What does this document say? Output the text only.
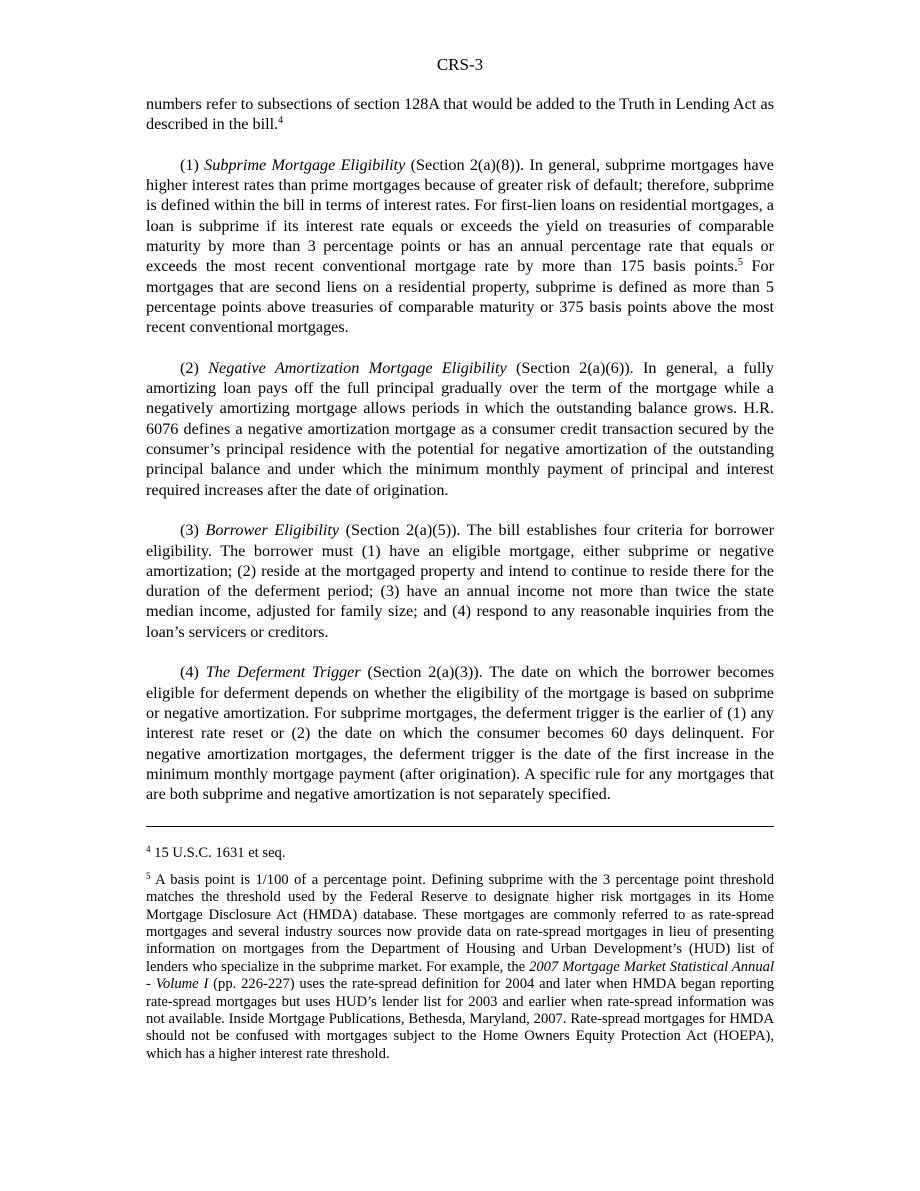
CRS-3

numbers refer to subsections of section 128A that would be added to the Truth in Lending Act as described in the bill.$^4$

(1) Subprime Mortgage Eligibility (Section 2(a)(8)). In general, subprime mortgages have higher interest rates than prime mortgages because of greater risk of default; therefore, subprime is defined within the bill in terms of interest rates. For first-lien loans on residential mortgages, a loan is subprime if its interest rate equals or exceeds the yield on treasuries of comparable maturity by more than 3 percentage points or has an annual percentage rate that equals or exceeds the most recent conventional mortgage rate by more than 175 basis points.$^5$ For mortgages that are second liens on a residential property, subprime is defined as more than 5 percentage points above treasuries of comparable maturity or 375 basis points above the most recent conventional mortgages.

(2) Negative Amortization Mortgage Eligibility (Section 2(a)(6)). In general, a fully amortizing loan pays off the full principal gradually over the term of the mortgage while a negatively amortizing mortgage allows periods in which the outstanding balance grows. H.R. 6076 defines a negative amortization mortgage as a consumer credit transaction secured by the consumer’s principal residence with the potential for negative amortization of the outstanding principal balance and under which the minimum monthly payment of principal and interest required increases after the date of origination.

(3) Borrower Eligibility (Section 2(a)(5)). The bill establishes four criteria for borrower eligibility. The borrower must (1) have an eligible mortgage, either subprime or negative amortization; (2) reside at the mortgaged property and intend to continue to reside there for the duration of the deferment period; (3) have an annual income not more than twice the state median income, adjusted for family size; and (4) respond to any reasonable inquiries from the loan’s servicers or creditors.

(4) The Deferment Trigger (Section 2(a)(3)). The date on which the borrower becomes eligible for deferment depends on whether the eligibility of the mortgage is based on subprime or negative amortization. For subprime mortgages, the deferment trigger is the earlier of (1) any interest rate reset or (2) the date on which the consumer becomes 60 days delinquent. For negative amortization mortgages, the deferment trigger is the date of the first increase in the minimum monthly mortgage payment (after origination). A specific rule for any mortgages that are both subprime and negative amortization is not separately specified.

$^4$ 15 U.S.C. 1631 et seq.

$^5$ A basis point is 1/100 of a percentage point. Defining subprime with the 3 percentage point threshold matches the threshold used by the Federal Reserve to designate higher risk mortgages in its Home Mortgage Disclosure Act (HMDA) database. These mortgages are commonly referred to as rate-spread mortgages and several industry sources now provide data on rate-spread mortgages in lieu of presenting information on mortgages from the Department of Housing and Urban Development’s (HUD) list of lenders who specialize in the subprime market. For example, the 2007 Mortgage Market Statistical Annual - Volume I (pp. 226-227) uses the rate-spread definition for 2004 and later when HMDA began reporting rate-spread mortgages but uses HUD’s lender list for 2003 and earlier when rate-spread information was not available. Inside Mortgage Publications, Bethesda, Maryland, 2007. Rate-spread mortgages for HMDA should not be confused with mortgages subject to the Home Owners Equity Protection Act (HOEPA), which has a higher interest rate threshold.
